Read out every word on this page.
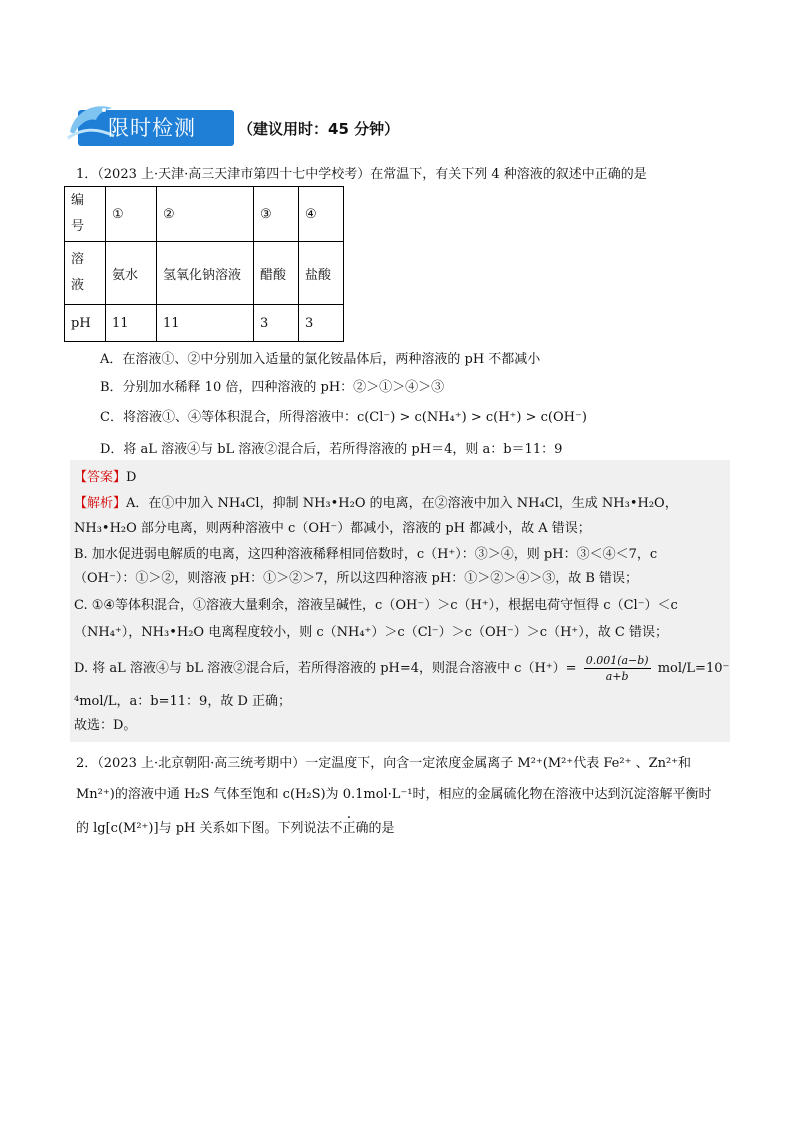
限时检测	（建议用时：45 分钟）
1．（2023 上·天津·高三天津市第四十七中学校考）在常温下，有关下列 4 种溶液的叙述中正确的是
编
号	①	②	③	④

溶
液	氨水	氢氧化钠溶液	醋酸	盐酸
pH	11	11	3	3
A．在溶液①、②中分别加入适量的氯化铵晶体后，两种溶液的 pH 不都减小
B．分别加水稀释 10 倍，四种溶液的 pH：②＞①＞④＞③
C．将溶液①、④等体积混合，所得溶液中：c(Cl⁻) > c(NH₄⁺) > c(H⁺) > c(OH⁻)
D．将 aL 溶液④与 bL 溶液②混合后，若所得溶液的 pH＝4，则 a：b＝11：9
【答案】D
【解析】A．在①中加入 NH₄Cl，抑制 NH₃•H₂O 的电离，在②溶液中加入 NH₄Cl，生成 NH₃•H₂O，
NH₃•H₂O 部分电离，则两种溶液中 c（OH⁻）都减小，溶液的 pH 都减小，故 A 错误；
B. 加水促进弱电解质的电离，这四种溶液稀释相同倍数时，c（H⁺）：③＞④，则 pH：③＜④＜7，c
（OH⁻）：①＞②，则溶液 pH：①＞②＞7，所以这四种溶液 pH：①＞②＞④＞③，故 B 错误；
C. ①④等体积混合，①溶液大量剩余，溶液呈碱性，c（OH⁻）＞c（H⁺），根据电荷守恒得 c（Cl⁻）＜c
（NH₄⁺），NH₃•H₂O 电离程度较小，则 c（NH₄⁺）＞c（Cl⁻）＞c（OH⁻）＞c（H⁺），故 C 错误；
D. 将 aL 溶液④与 bL 溶液②混合后，若所得溶液的 pH=4，则混合溶液中 $c(H^+)= \frac{0.001(a-b)}{a+b} mol/L=10^-$
⁴mol/L，a：b=11：9，故 D 正确；
故选：D。
2．（2023 上·北京朝阳·高三统考期中）一定温度下，向含一定浓度金属离子 M²⁺(M²⁺代表 Fe²⁺ 、Zn²⁺和
Mn²⁺)的溶液中通 H₂S 气体至饱和 c(H₂S)为 0.1mol·L⁻¹时，相应的金属硫化物在溶液中达到沉淀溶解平衡时
的 lg[c(M²⁺)]与 pH 关系如下图。下列说法不正确的是
